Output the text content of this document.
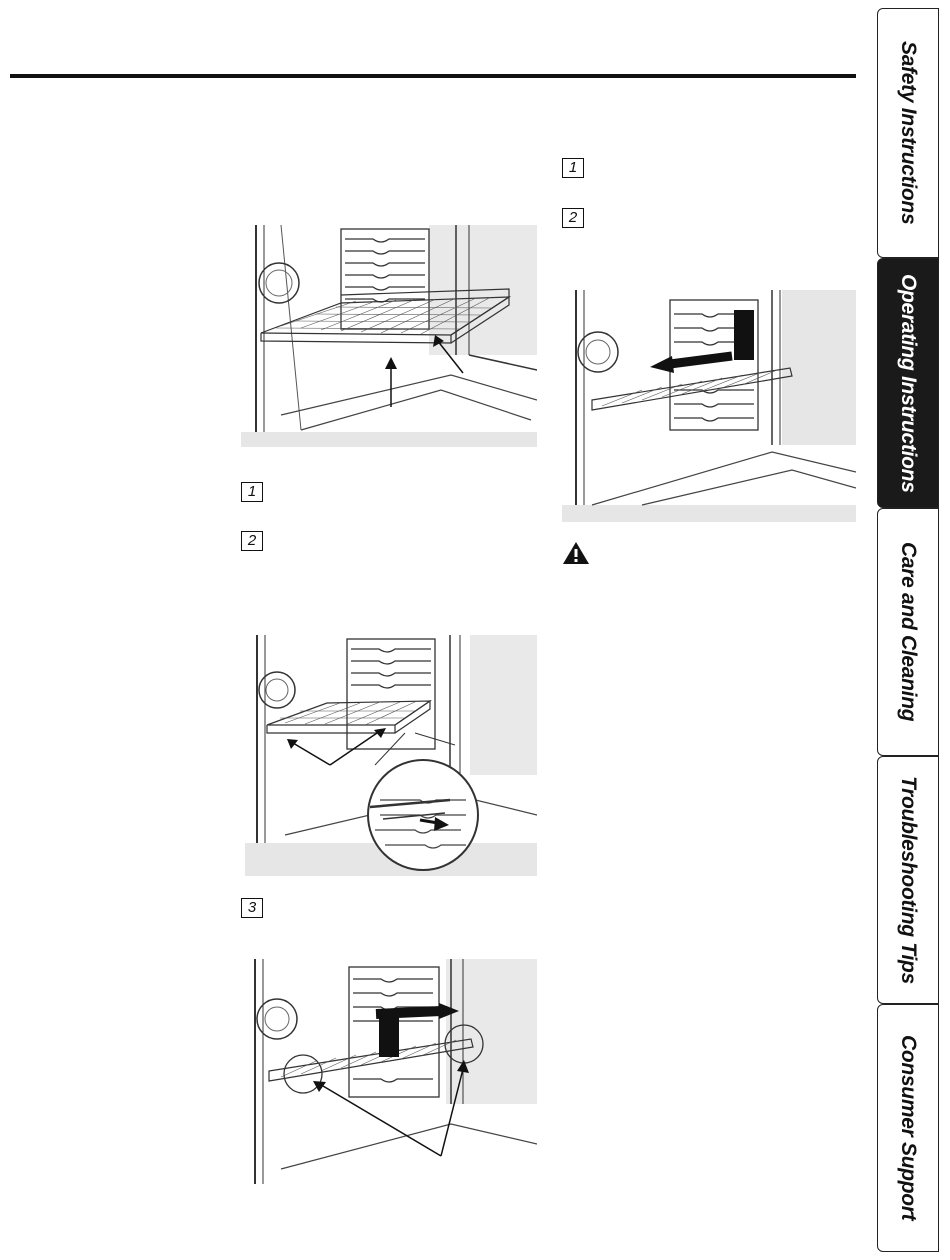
1
2
3
1
2	Safety Instructions
Operating Instructions
Care and Cleaning
Troubleshooting Tips
Consumer Support
